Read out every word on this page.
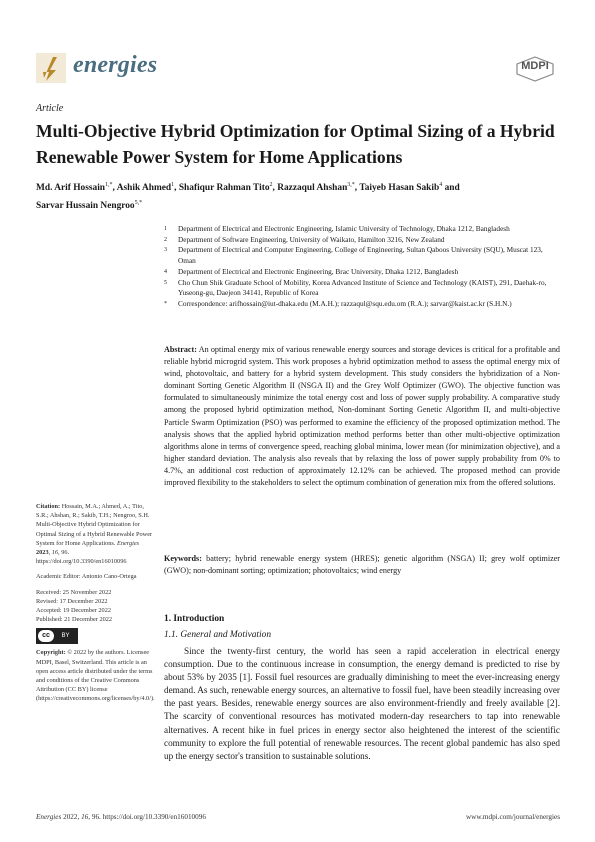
energies	MDPI
Article
Multi-Objective Hybrid Optimization for Optimal Sizing of a Hybrid Renewable Power System for Home Applications
Md. Arif Hossain$^{1,*}$, Ashik Ahmed$^1$, Shafiqur Rahman Tito$^2$, Razzaqul Ahshan$^{3,*}$, Taiyeb Hasan Sakib$^4$ and
Sarvar Hussain Nengroo$^{5,*}$
1 Department of Electrical and Electronic Engineering, Islamic University of Technology, Dhaka 1212, Bangladesh
2 Department of Software Engineering, University of Waikato, Hamilton 3216, New Zealand
3 Department of Electrical and Computer Engineering, College of Engineering, Sultan Qaboos University (SQU), Muscat 123, Oman
4 Department of Electrical and Electronic Engineering, Brac University, Dhaka 1212, Bangladesh
5 Cho Chun Shik Graduate School of Mobility, Korea Advanced Institute of Science and Technology (KAIST), 291, Daehak-ro, Yuseong-gu, Daejeon 34141, Republic of Korea
* Correspondence: arifhossain@iut-dhaka.edu (M.A.H.); razzaqul@squ.edu.om (R.A.); sarvar@kaist.ac.kr (S.H.N.)
Abstract: An optimal energy mix of various renewable energy sources and storage devices is critical for a profitable and reliable hybrid microgrid system. This work proposes a hybrid optimization method to assess the optimal energy mix of wind, photovoltaic, and battery for a hybrid system development. This study considers the hybridization of a Non-dominant Sorting Genetic Algorithm II (NSGA II) and the Grey Wolf Optimizer (GWO). The objective function was formulated to simultaneously minimize the total energy cost and loss of power supply probability. A comparative study among the proposed hybrid optimization method, Non-dominant Sorting Genetic Algorithm II, and multi-objective Particle Swarm Optimization (PSO) was performed to examine the efficiency of the proposed optimization method. The analysis shows that the applied hybrid optimization method performs better than other multi-objective optimization algorithms alone in terms of convergence speed, reaching global minima, lower mean (for minimization objective), and a higher standard deviation. The analysis also reveals that by relaxing the loss of power supply probability from 0% to 4.7%, an additional cost reduction of approximately 12.12% can be achieved. The proposed method can provide improved flexibility to the stakeholders to select the optimum combination of generation mix from the offered solutions.
Keywords: battery; hybrid renewable energy system (HRES); genetic algorithm (NSGA) II; grey wolf optimizer (GWO); non-dominant sorting; optimization; photovoltaics; wind energy

Citation: Hossain, M.A.; Ahmed, A.; Tito, S.R.; Ahshan, R.; Sakib, T.H.; Nengroo, S.H. Multi-Objective Hybrid Optimization for Optimal Sizing of a Hybrid Renewable Power System for Home Applications. Energies 2023, 16, 96. https://doi.org/10.3390/en16010096

Academic Editor: Antonio Cano-Ortega

Received: 25 November 2022

Revised: 17 December 2022

Accepted: 19 December 2022

Published: 21 December 2022

cc	BY

Copyright: © 2022 by the authors. Licensee MDPI, Basel, Switzerland. This article is an open access article distributed under the terms and conditions of the Creative Commons Attribution (CC BY) license (https://creativecommons.org/licenses/by/4.0/).

1. Introduction
1.1. General and Motivation
Since the twenty-first century, the world has seen a rapid acceleration in electrical energy consumption. Due to the continuous increase in consumption, the energy demand is predicted to rise by about 53% by 2035 [1]. Fossil fuel resources are gradually diminishing to meet the ever-increasing energy demand. As such, renewable energy sources, an alternative to fossil fuel, have been steadily increasing over the past years. Besides, renewable energy sources are also environment-friendly and freely available [2]. The scarcity of conventional resources has motivated modern-day researchers to tap into renewable alternatives. A recent hike in fuel prices in energy sector also heightened the interest of the scientific community to explore the full potential of renewable resources. The recent global pandemic has also sped up the energy sector's transition to sustainable solutions.
Energies 2022, 16, 96. https://doi.org/10.3390/en16010096	www.mdpi.com/journal/energies
